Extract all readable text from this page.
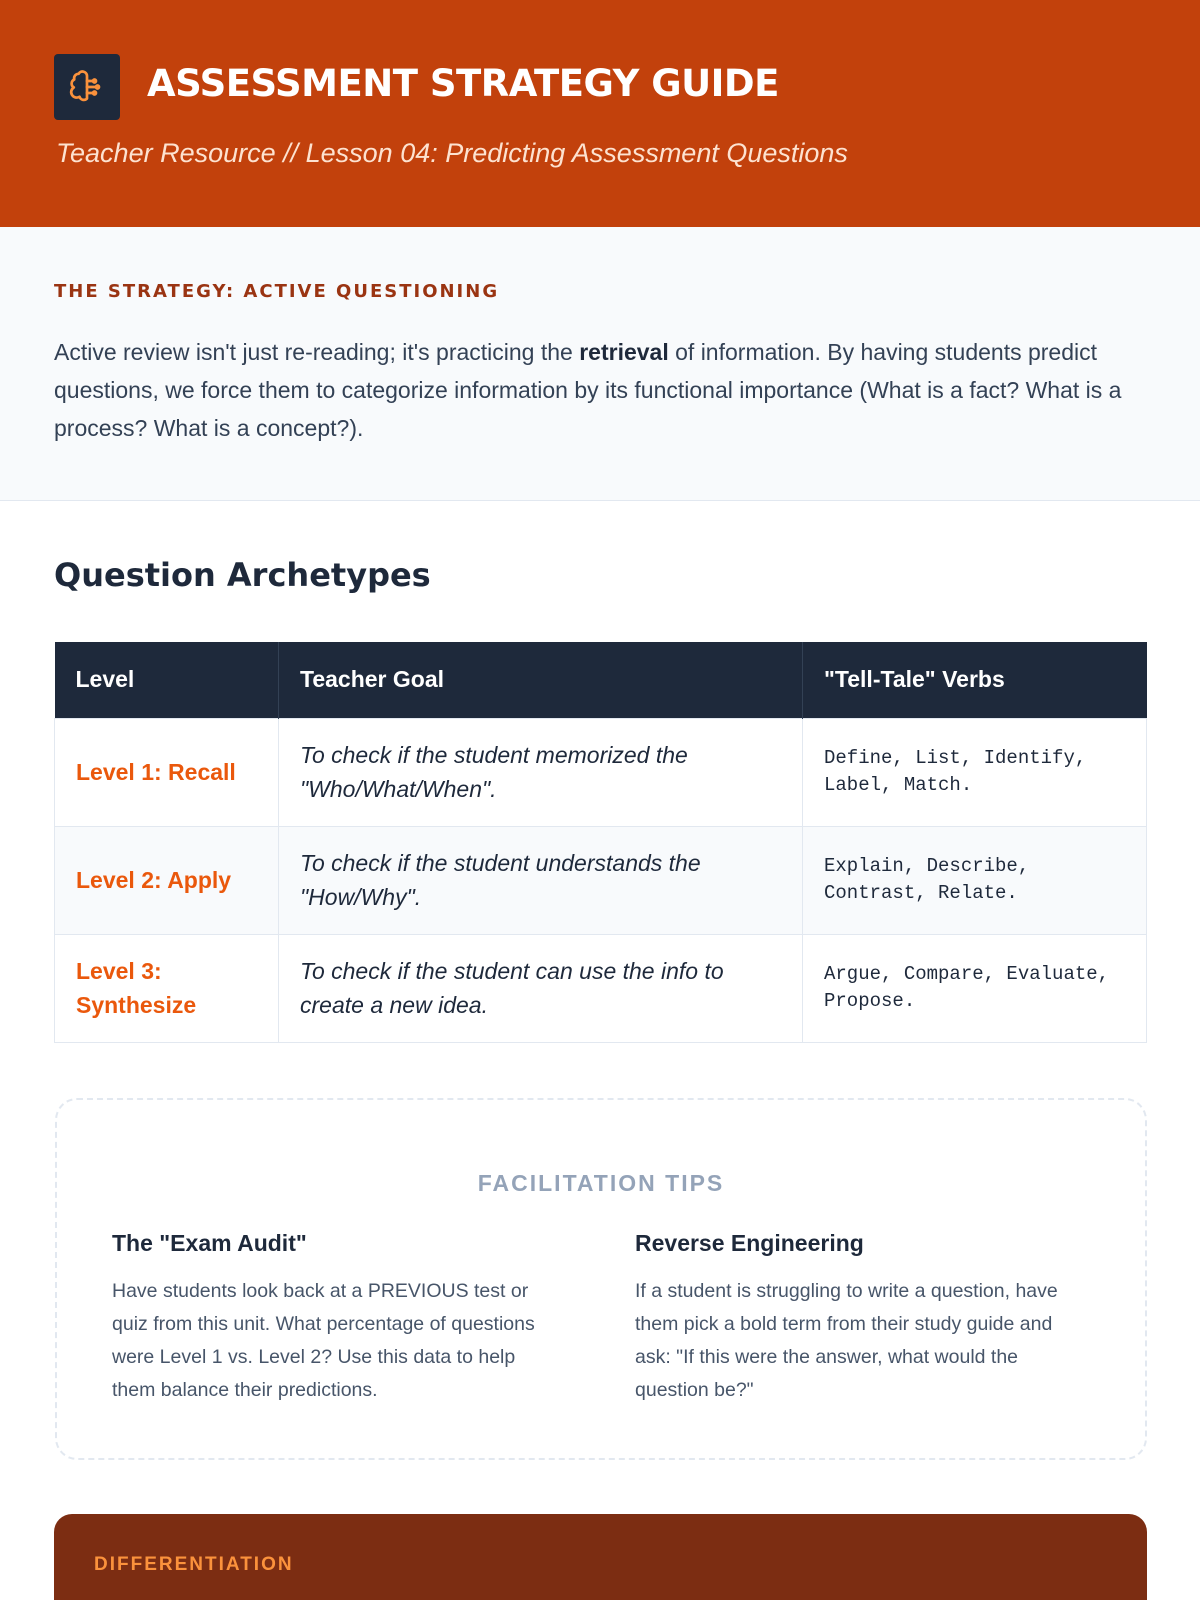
ASSESSMENT STRATEGY GUIDE
Teacher Resource // Lesson 04: Predicting Assessment Questions
THE STRATEGY: ACTIVE QUESTIONING

Active review isn't just re-reading; it's practicing the retrieval of information. By having students predict questions, we force them to categorize information by its functional importance (What is a fact? What is a process? What is a concept?).

Question Archetypes
Level	Teacher Goal	"Tell-Tale" Verbs
Level 1: Recall	To check if the student memorized the "Who/What/When".	Define, List, Identify, Label, Match.
Level 2: Apply	To check if the student understands the "How/Why".	Explain, Describe, Contrast, Relate.
Level 3: Synthesize	To check if the student can use the info to create a new idea.	Argue, Compare, Evaluate, Propose.
FACILITATION TIPS
The "Exam Audit"
Have students look back at a PREVIOUS test or quiz from this unit. What percentage of questions were Level 1 vs. Level 2? Use this data to help them balance their predictions.
Reverse Engineering
If a student is struggling to write a question, have them pick a bold term from their study guide and ask: "If this were the answer, what would the question be?"
DIFFERENTIATION
